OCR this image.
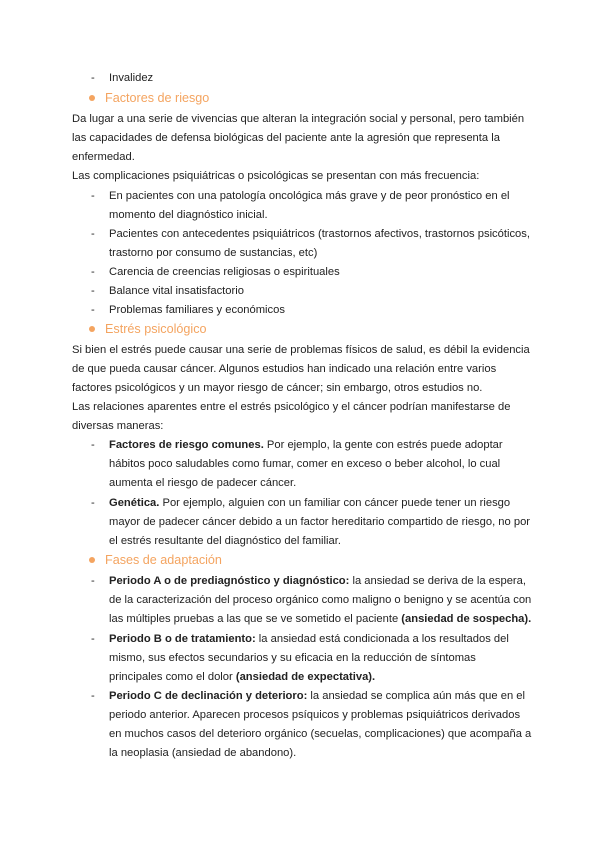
- Invalidez
Factores de riesgo
Da lugar a una serie de vivencias que alteran la integración social y personal, pero también
las capacidades de defensa biológicas del paciente ante la agresión que representa la
enfermedad.
Las complicaciones psiquiátricas o psicológicas se presentan con más frecuencia:
- En pacientes con una patología oncológica más grave y de peor pronóstico en el
momento del diagnóstico inicial.
- Pacientes con antecedentes psiquiátricos (trastornos afectivos, trastornos psicóticos,
trastorno por consumo de sustancias, etc)
- Carencia de creencias religiosas o espirituales
- Balance vital insatisfactorio
- Problemas familiares y económicos
Estrés psicológico
Si bien el estrés puede causar una serie de problemas físicos de salud, es débil la evidencia
de que pueda causar cáncer. Algunos estudios han indicado una relación entre varios
factores psicológicos y un mayor riesgo de cáncer; sin embargo, otros estudios no.
Las relaciones aparentes entre el estrés psicológico y el cáncer podrían manifestarse de
diversas maneras:
- Factores de riesgo comunes. Por ejemplo, la gente con estrés puede adoptar
hábitos poco saludables como fumar, comer en exceso o beber alcohol, lo cual
aumenta el riesgo de padecer cáncer.
- Genética. Por ejemplo, alguien con un familiar con cáncer puede tener un riesgo
mayor de padecer cáncer debido a un factor hereditario compartido de riesgo, no por
el estrés resultante del diagnóstico del familiar.
Fases de adaptación
- Periodo A o de prediagnóstico y diagnóstico: la ansiedad se deriva de la espera,
de la caracterización del proceso orgánico como maligno o benigno y se acentúa con
las múltiples pruebas a las que se ve sometido el paciente (ansiedad de sospecha).
- Periodo B o de tratamiento: la ansiedad está condicionada a los resultados del
mismo, sus efectos secundarios y su eficacia en la reducción de síntomas
principales como el dolor (ansiedad de expectativa).
- Periodo C de declinación y deterioro: la ansiedad se complica aún más que en el
periodo anterior. Aparecen procesos psíquicos y problemas psiquiátricos derivados
en muchos casos del deterioro orgánico (secuelas, complicaciones) que acompaña a
la neoplasia (ansiedad de abandono).
